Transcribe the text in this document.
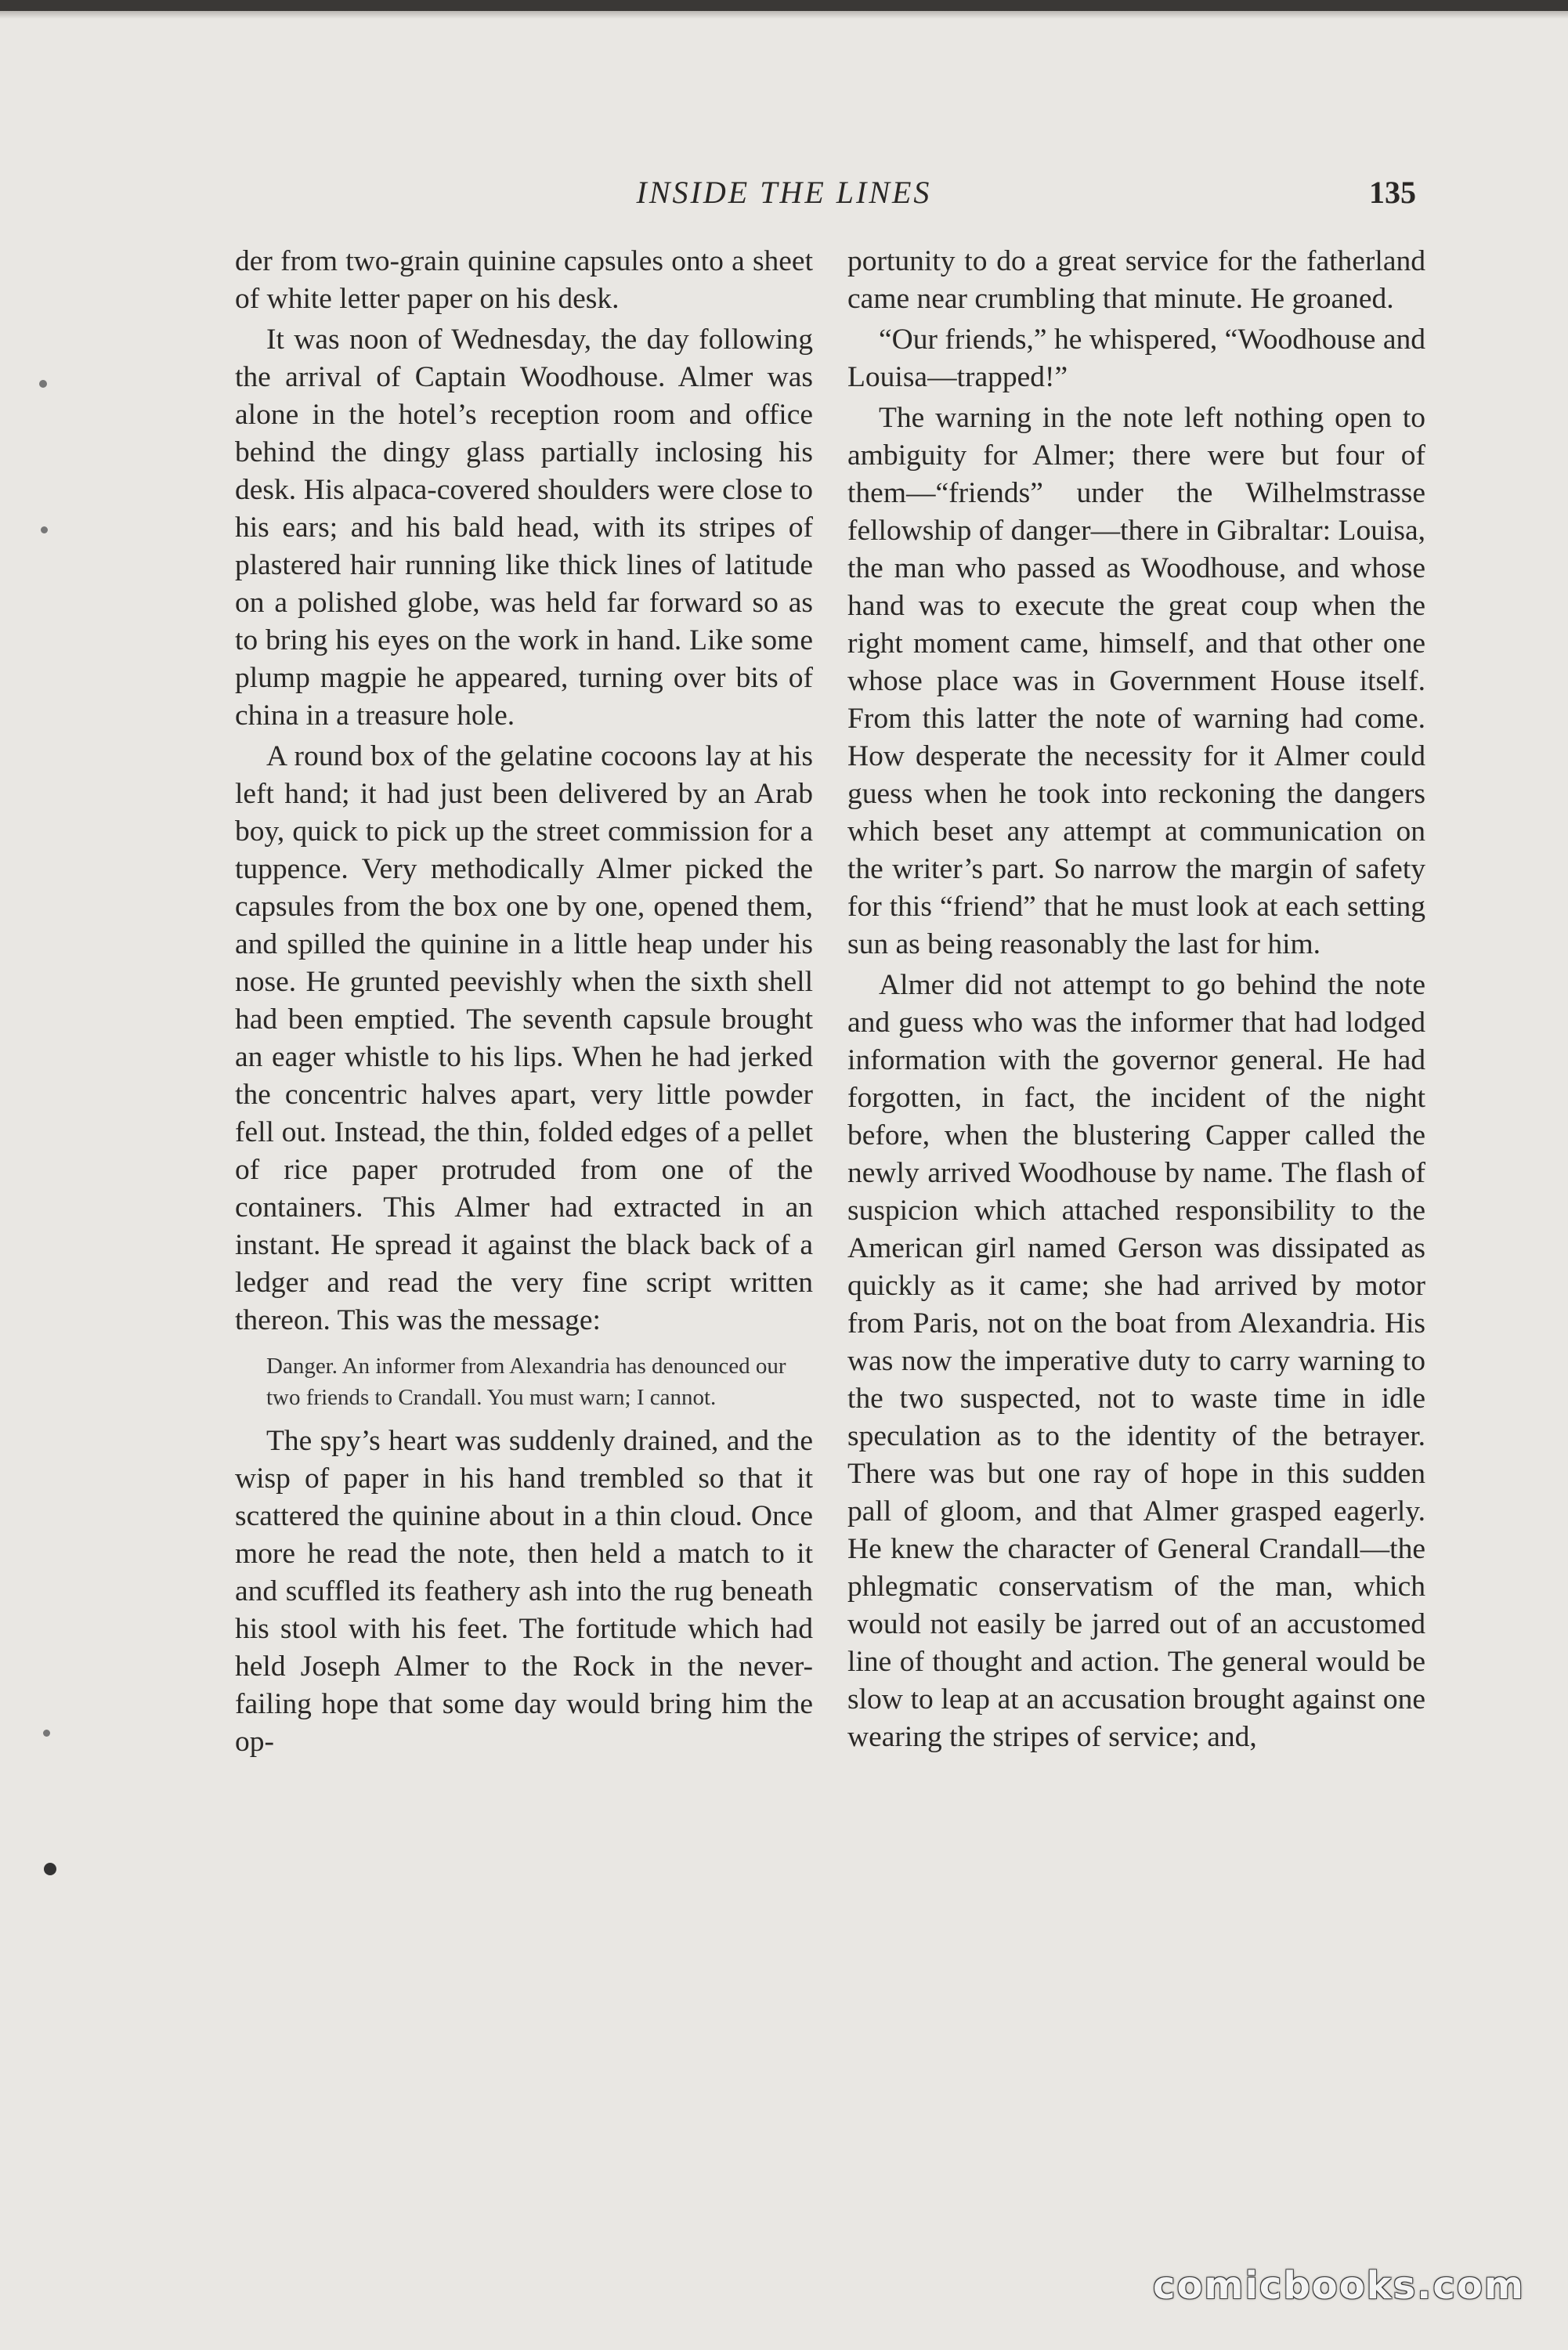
INSIDE THE LINES	135

der from two-grain quinine capsules onto a sheet of white letter paper on his desk.

It was noon of Wednesday, the day following the arrival of Captain Woodhouse. Almer was alone in the hotel’s reception room and office behind the dingy glass partially inclosing his desk. His alpaca-covered shoulders were close to his ears; and his bald head, with its stripes of plastered hair running like thick lines of latitude on a polished globe, was held far forward so as to bring his eyes on the work in hand. Like some plump magpie he appeared, turning over bits of china in a treasure hole.

A round box of the gelatine cocoons lay at his left hand; it had just been delivered by an Arab boy, quick to pick up the street commission for a tuppence. Very methodically Almer picked the capsules from the box one by one, opened them, and spilled the quinine in a little heap under his nose. He grunted peevishly when the sixth shell had been emptied. The seventh capsule brought an eager whistle to his lips. When he had jerked the concentric halves apart, very little powder fell out. Instead, the thin, folded edges of a pellet of rice paper protruded from one of the containers. This Almer had extracted in an instant. He spread it against the black back of a ledger and read the very fine script written thereon. This was the message:

Danger. An informer from Alexandria has denounced our two friends to Crandall. You must warn; I cannot.

The spy’s heart was suddenly drained, and the wisp of paper in his hand trembled so that it scattered the quinine about in a thin cloud. Once more he read the note, then held a match to it and scuffled its feathery ash into the rug beneath his stool with his feet. The fortitude which had held Joseph Almer to the Rock in the never-failing hope that some day would bring him the op-

portunity to do a great service for the fatherland came near crumbling that minute. He groaned.

“Our friends,” he whispered, “Woodhouse and Louisa—trapped!”

The warning in the note left nothing open to ambiguity for Almer; there were but four of them—“friends” under the Wilhelmstrasse fellowship of danger—there in Gibraltar: Louisa, the man who passed as Woodhouse, and whose hand was to execute the great coup when the right moment came, himself, and that other one whose place was in Government House itself. From this latter the note of warning had come. How desperate the necessity for it Almer could guess when he took into reckoning the dangers which beset any attempt at communication on the writer’s part. So narrow the margin of safety for this “friend” that he must look at each setting sun as being reasonably the last for him.

Almer did not attempt to go behind the note and guess who was the informer that had lodged information with the governor general. He had forgotten, in fact, the incident of the night before, when the blustering Capper called the newly arrived Woodhouse by name. The flash of suspicion which attached responsibility to the American girl named Gerson was dissipated as quickly as it came; she had arrived by motor from Paris, not on the boat from Alexandria. His was now the imperative duty to carry warning to the two suspected, not to waste time in idle speculation as to the identity of the betrayer. There was but one ray of hope in this sudden pall of gloom, and that Almer grasped eagerly. He knew the character of General Crandall—the phlegmatic conservatism of the man, which would not easily be jarred out of an accustomed line of thought and action. The general would be slow to leap at an accusation brought against one wearing the stripes of service; and,

comicbooks.com
